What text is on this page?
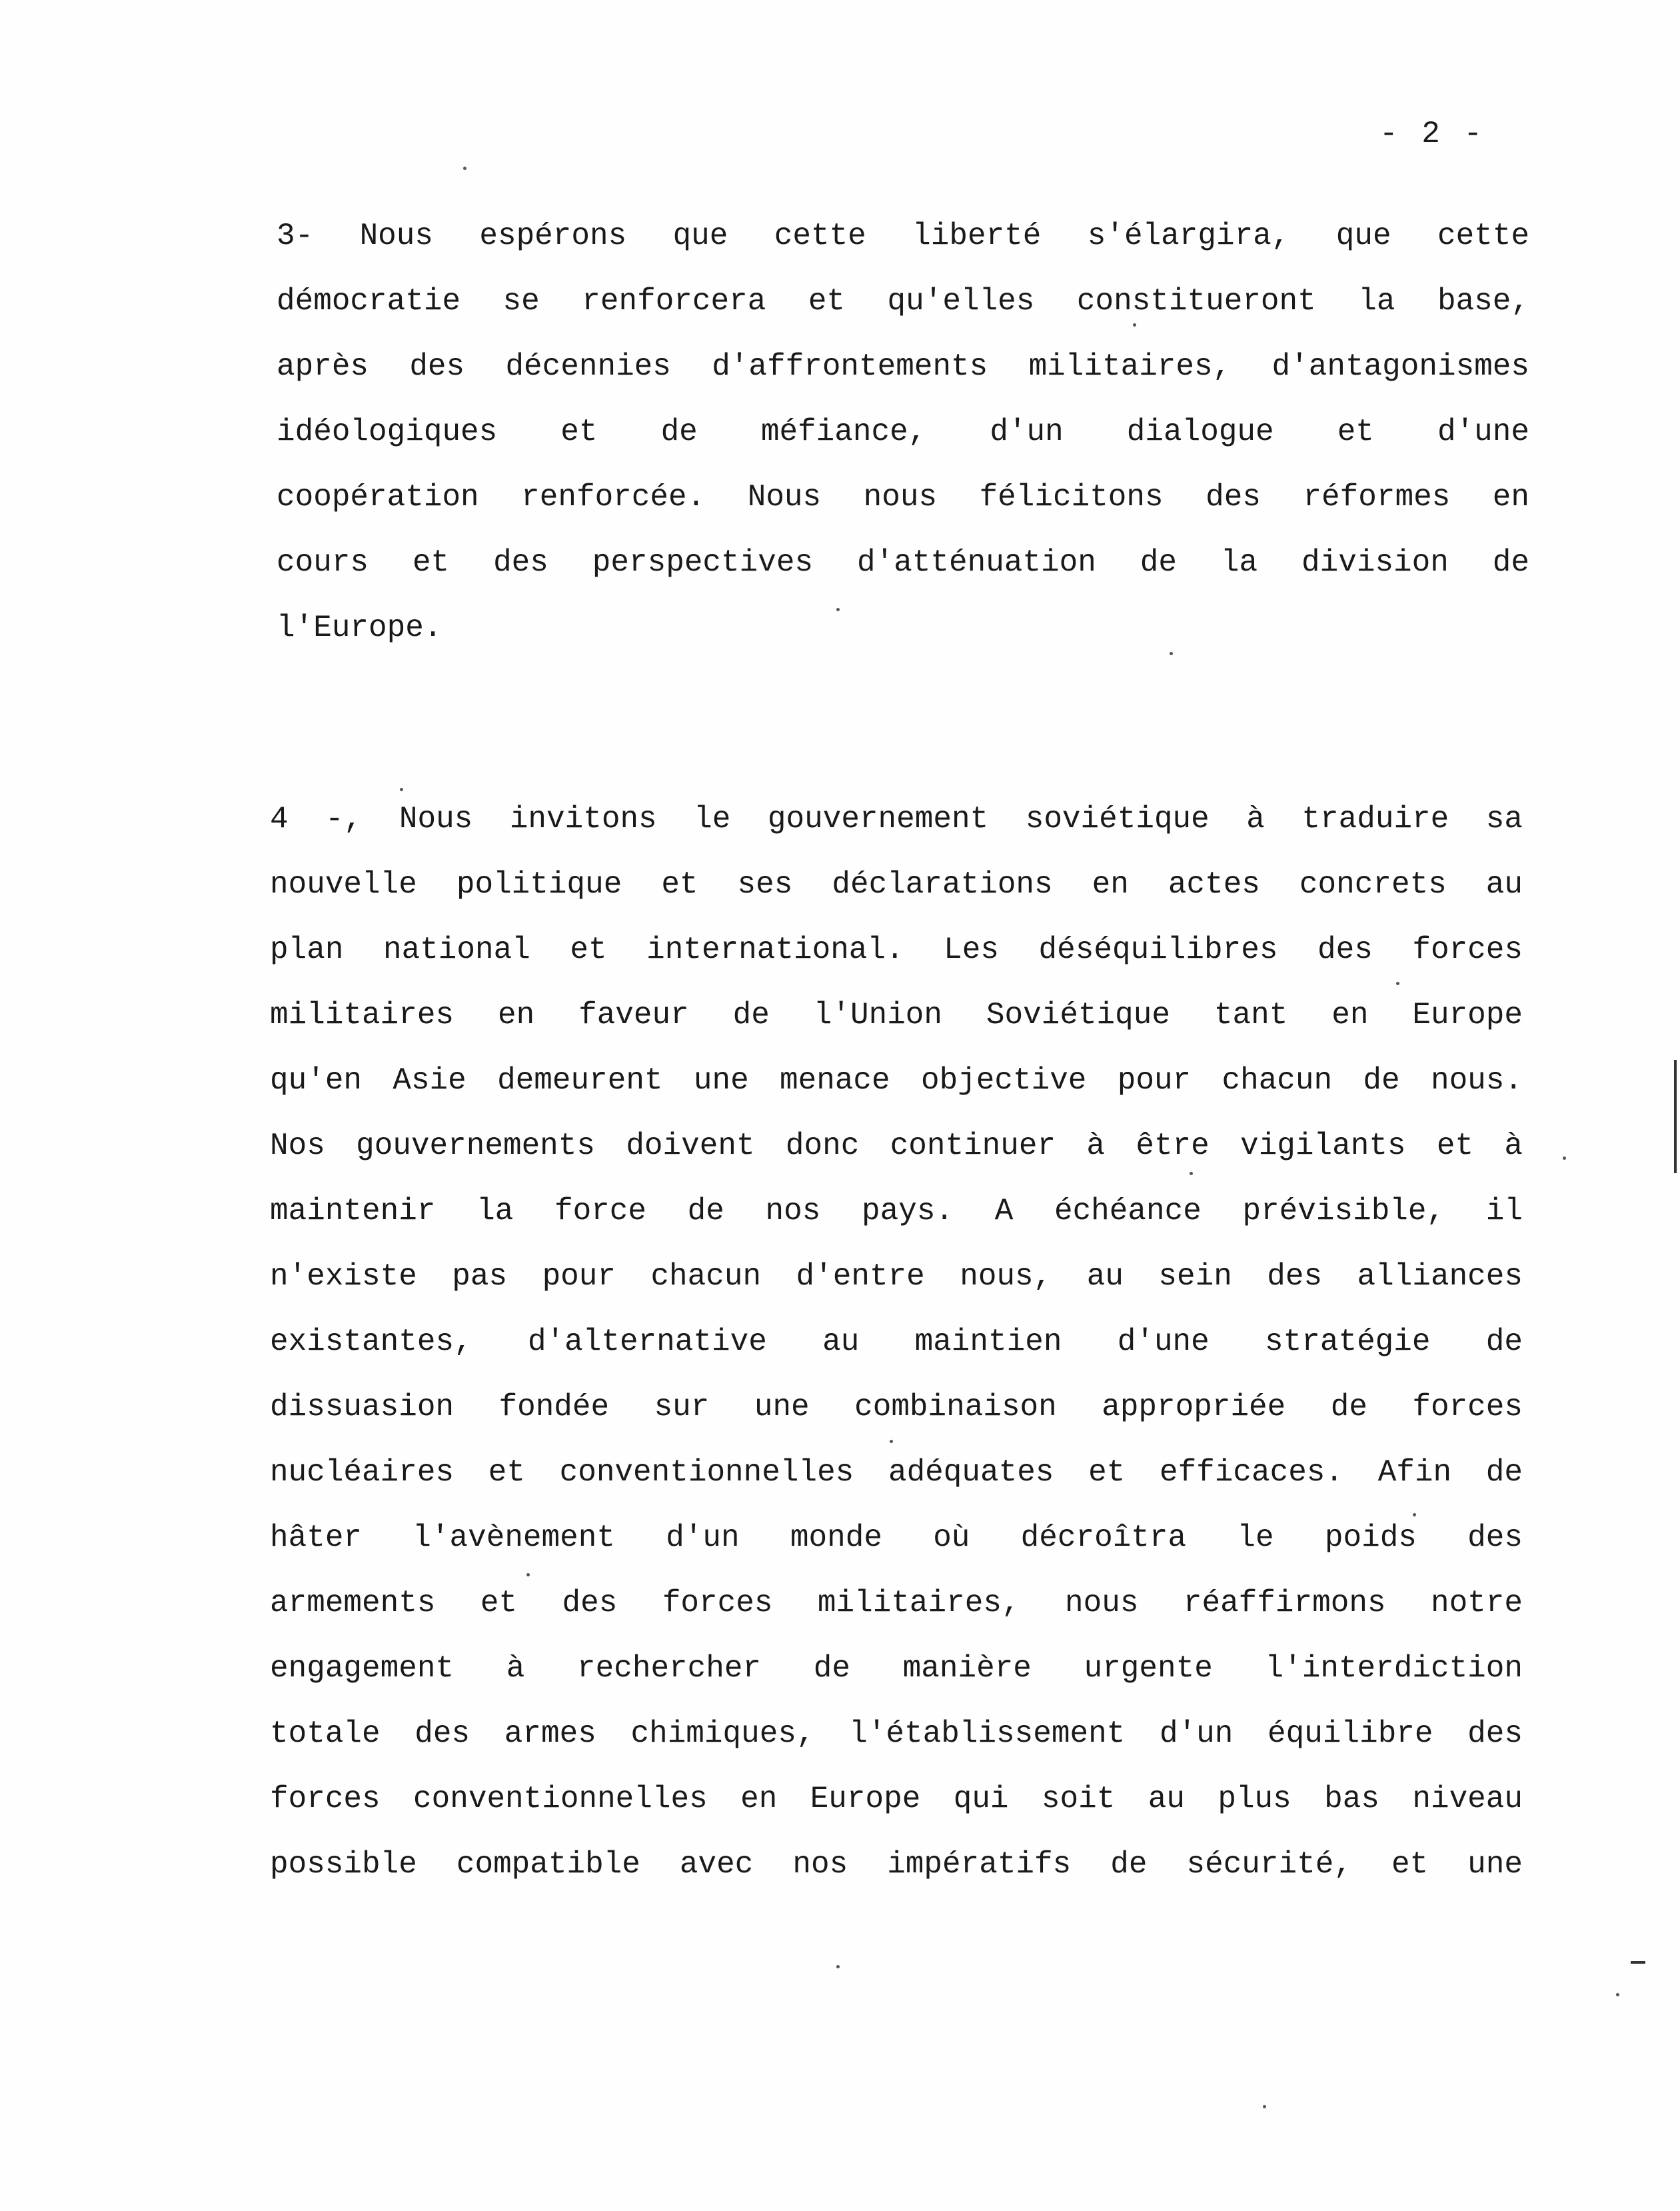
- 2 -
3- Nous espérons que cette liberté s'élargira, que cette
démocratie se renforcera et qu'elles constitueront la base,
après des décennies d'affrontements militaires, d'antagonismes
idéologiques et de méfiance, d'un dialogue et d'une
coopération renforcée. Nous nous félicitons des réformes en
cours et des perspectives d'atténuation de la division de
l'Europe.
4 -, Nous invitons le gouvernement soviétique à traduire sa
nouvelle politique et ses déclarations en actes concrets au
plan national et international. Les déséquilibres des forces
militaires en faveur de l'Union Soviétique tant en Europe
qu'en Asie demeurent une menace objective pour chacun de nous.
Nos gouvernements doivent donc continuer à être vigilants et à
maintenir la force de nos pays. A échéance prévisible, il
n'existe pas pour chacun d'entre nous, au sein des alliances
existantes, d'alternative au maintien d'une stratégie de
dissuasion fondée sur une combinaison appropriée de forces
nucléaires et conventionnelles adéquates et efficaces. Afin de
hâter l'avènement d'un monde où décroîtra le poids des
armements et des forces militaires, nous réaffirmons notre
engagement à rechercher de manière urgente l'interdiction
totale des armes chimiques, l'établissement d'un équilibre des
forces conventionnelles en Europe qui soit au plus bas niveau
possible compatible avec nos impératifs de sécurité, et une
